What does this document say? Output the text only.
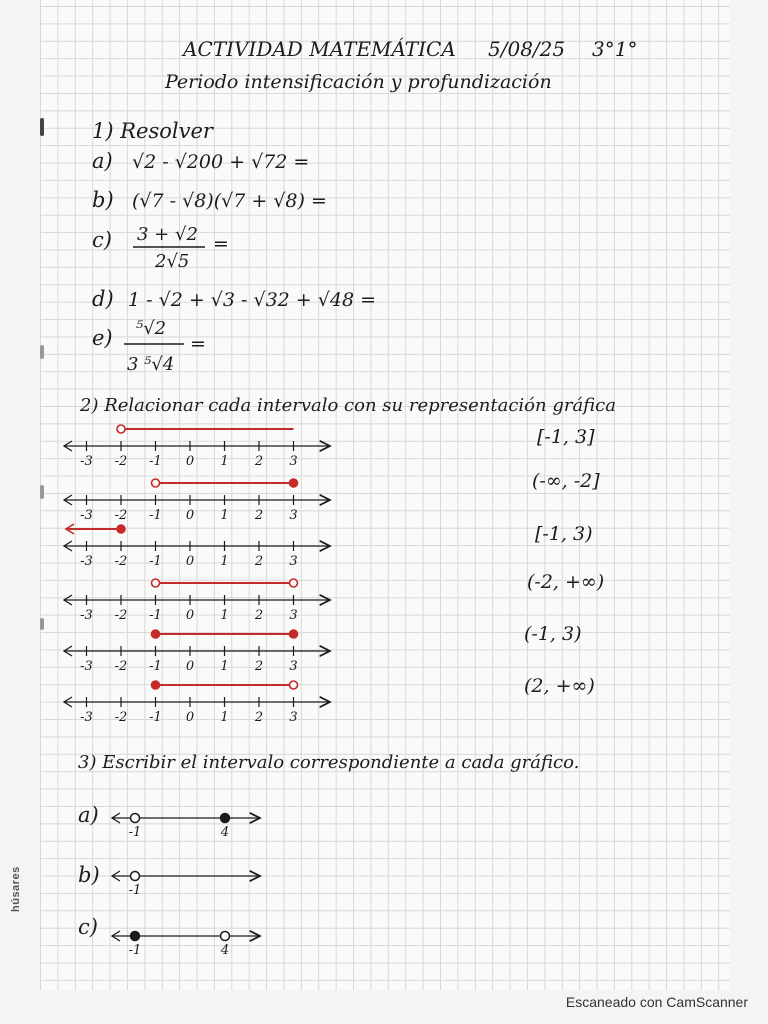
ACTIVIDAD MATEMÁTICA 5/08/25 3°1°
Periodo intensificación y profundización
1) Resolver
a) √2 - √200 + √72 =
b) (√7 - √8)(√7 + √8) =
c) 3 + √2
2√5
=
d) 1 - √2 + √3 - √32 + √48 =
e) ⁵√2
3 ⁵√4
=
2) Relacionar cada intervalo con su representación gráfica
-3 -2 -1 0 1 2 3
-3 -2 -1 0 1 2 3
-3 -2 -1 0 1 2 3
-3 -2 -1 0 1 2 3
-3 -2 -1 0 1 2 3
-3 -2 -1 0 1 2 3
[-1, 3]
(-∞, -2]
[-1, 3)
(-2, +∞)
(-1, 3)
(2, +∞)
3) Escribir el intervalo correspondiente a cada gráfico.
a)
-1	4
b)
-1
c)
-1	4
húsares
Escaneado con CamScanner
